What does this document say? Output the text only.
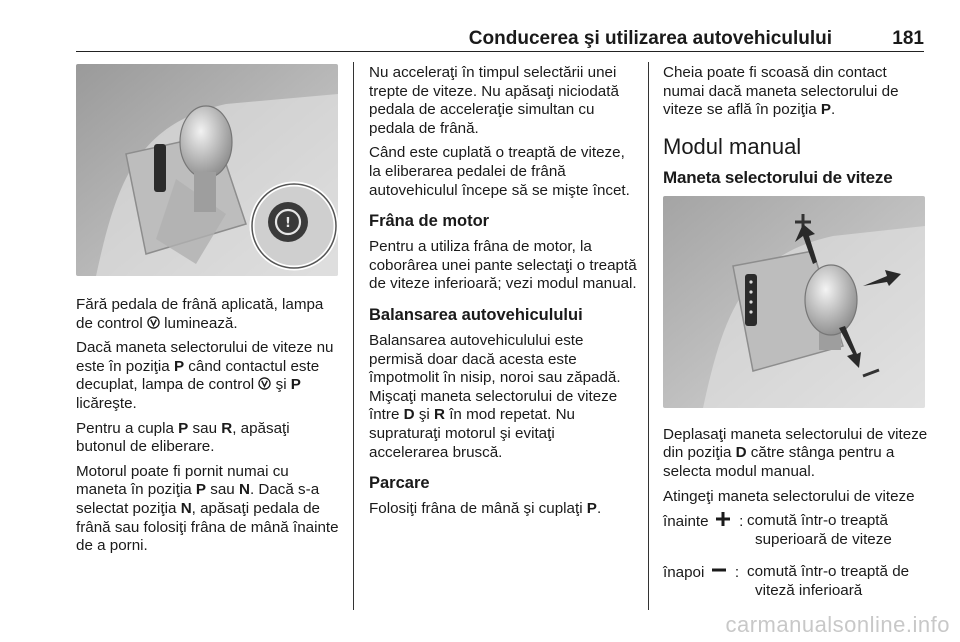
Conducerea şi utilizarea autovehiculului	181
!

Fără pedala de frână aplicată, lampa de control  luminează.

Dacă maneta selectorului de viteze nu este în poziţia P când contactul este decuplat, lampa de control  şi P licăreşte.

Pentru a cupla P sau R, apăsaţi butonul de eliberare.

Motorul poate fi pornit numai cu maneta în poziţia P sau N. Dacă s-a selectat poziţia N, apăsaţi pedala de frână sau folosiţi frâna de mână înainte de a porni.

Nu acceleraţi în timpul selectării unei trepte de viteze. Nu apăsaţi niciodată pedala de acceleraţie simultan cu pedala de frână.

Când este cuplată o treaptă de viteze, la eliberarea pedalei de frână autovehiculul începe să se mişte încet.

Frâna de motor

Pentru a utiliza frâna de motor, la coborârea unei pante selectaţi o treaptă de viteze inferioară; vezi modul manual.

Balansarea autovehiculului

Balansarea autovehiculului este permisă doar dacă acesta este împotmolit în nisip, noroi sau zăpadă. Mişcaţi maneta selectorului de viteze între D şi R în mod repetat. Nu supraturaţi motorul şi evitaţi accelerarea bruscă.

Parcare

Folosiţi frâna de mână şi cuplaţi P.

Cheia poate fi scoasă din contact numai dacă maneta selectorului de viteze se află în poziţia P.

Modul manual
Maneta selectorului de viteze

Deplasaţi maneta selectorului de viteze din poziţia D către stânga pentru a selecta modul manual.

Atingeţi maneta selectorului de viteze

înainte : comută într-o treaptă superioară de viteze
înapoi : comută într-o treaptă de viteză inferioară
carmanualsonline.info
